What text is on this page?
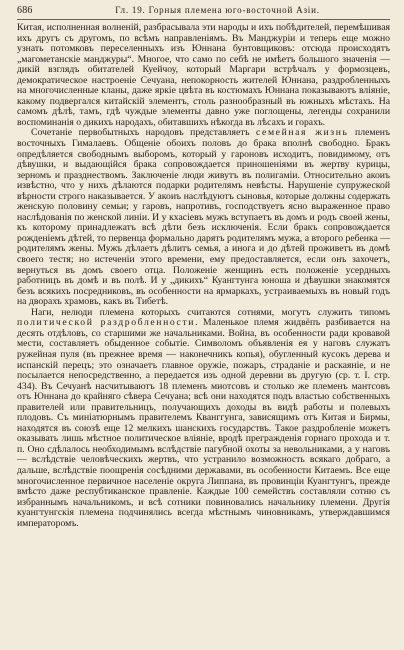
686	Гл. 19. Горныя племена юго-восточной Азіи.

Китая, исполненная волненій, разбрасывала эти народы и ихъ побѣдителей, перемѣшивая ихъ другъ съ другомъ, по всѣмъ направленіямъ. Въ Манджуріи и теперь еще можно узнать потомковъ переселенныхъ изъ Юннана бунтовщиковъ: отсюда происходятъ „магометанскіе манджуры“. Многое, что само по себѣ не имѣетъ большого значенія — дикій взглядъ обитателей Куейчоу, который Маргари встрѣчалъ у формозцевъ, демократическое настроеніе Сечуана, непокорность жителей Юннана, раздробленныхъ на многочисленные кланы, даже яркіе цвѣта въ костюмахъ Юннана показываютъ вліяніе, какому подвергался китайскій элементъ, столь разнообразный въ южныхъ мѣстахъ. На самомъ дѣлѣ, тамъ, гдѣ чуждые элементы давно уже поглощены, легенды сохранили воспоминанія о дикихъ народахъ, обитавшихъ нѣкогда въ лѣсахъ и горахъ.

Сочетаніе первобытныхъ народовъ представляетъ семейная жизнь племенъ восточныхъ Гималаевъ. Общеніе обоихъ половъ до брака вполнѣ свободно. Бракъ опредѣляется свободнымъ выборомъ, который у гароновъ исходитъ, повидимому, отъ дѣвушки, и выдающійся брака сопровождается приношеніями въ жертву курицы, зерномъ и празднествомъ. Заключеніе люди живутъ въ полигаміи. Относительно акоиъ извѣстно, что у нихъ дѣлаются подарки родителямъ невѣсты. Нарушеніе супружеской вѣрности строго наказывается. У акоиъ наслѣдуютъ сыновья, которые должны содержать женскую половину семьи; у гаровъ, напротивъ, господствуетъ ясно выраженное право наслѣдованія по женской линіи. И у кхасіевъ мужъ вступаетъ въ домъ и родъ своей жены, къ которому принадлежатъ всѣ дѣти безъ исключенія. Если бракъ сопровождается рожденіемъ дѣтей, то первенца формально дарятъ родителямъ мужа, а второго ребенка — родителямъ жены. Мужъ дѣлаетъ дѣлитъ семья, а инога и до дѣтей проживетъ въ домѣ своего тестя; но истеченіи этого времени, ему предоставляется, если онъ захочетъ, вернуться въ домъ своего отца. Положеніе женщинъ есть положеніе усердныхъ работницъ въ домѣ и въ полѣ. И у „дикихъ“ Куангтунга юноша и дѣвушки знакомятся безъ всякихъ посредниковъ, въ особенности на ярмаркахъ, устраиваемыхъ въ новый годъ на дворахъ храмовъ, какъ въ Тибетѣ.

Наги, нелюди племена которыхъ считаются сотнями, могутъ служить типомъ политической раздробленности. Маленькое племя жидвёпъ разбивается на десять отдѣловъ, со старшими же начальниками. Война, въ особенности ради кровавой мести, составляетъ обыденное событіе. Символомъ объявленія ея у наговъ служатъ ружейная пуля (въ прежнее время — наконечникъ копья), обугленный кусокъ дерева и испанскій перецъ; это означаетъ главное оружіе, пожаръ, страданіе и раскаяніе, и не посылается непосредственно, а передается изъ одной деревни въ другую (ср. т. I. стр. 434). Въ Сечуанѣ насчитываютъ 18 племенъ миотсовъ и столько же племенъ мантсовъ отъ Юннана до крайняго сѣвера Сечуана; всѣ они находятся подъ властью собственныхъ правителей или правительницъ, получающихъ доходы въ видѣ работы и полевыхъ плодовъ. Съ миніатюрнымъ правителемъ Кванггунга, зависящимъ отъ Китая и Бирмы, находятся въ союзѣ еще 12 мелкихъ шанскихъ государствъ. Такое раздробленіе можетъ оказывать лишь мѣстное политическое вліяніе, вродѣ прегражденія горнаго прохода и т. п. Оно сдѣлалось необходимымъ вслѣдствіе пагубной охоты за невольниками, а у наговъ — вслѣдствіе человѣческихъ жертвъ, что устранило возможность всякаго добраго, а дальше, вслѣдствіе поощренія сосѣдними державами, въ особенности Китаемъ. Все еще многочисленное первичное населеніе округа Липпана, въ провинціи Куангтунгъ, прежде вмѣсто даже респубтиканское правленіе. Каждые 100 семействъ составляли сотню съ избраннымъ начальникомъ, и всѣ сотники повиновались начальнику племени. Другія куангтунгскія племена подчинялись всегда мѣстнымъ чиновникамъ, утверждавшимся императоромъ.
